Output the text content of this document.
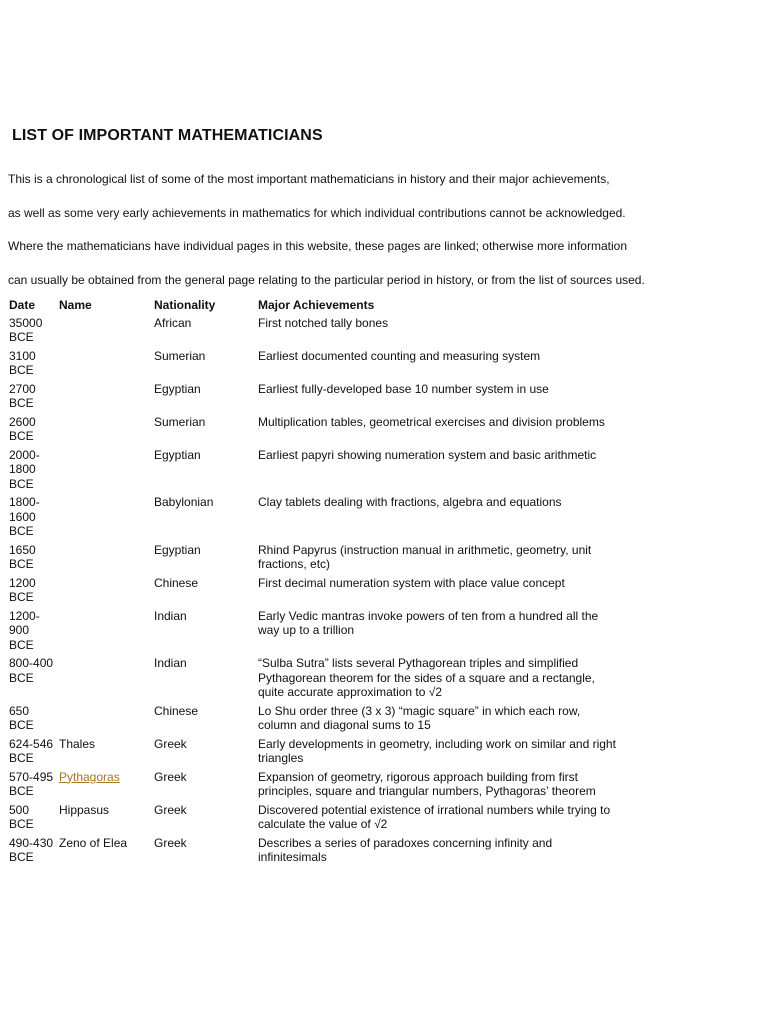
LIST OF IMPORTANT MATHEMATICIANS

This is a chronological list of some of the most important mathematicians in history and their major achievements,

as well as some very early achievements in mathematics for which individual contributions cannot be acknowledged.

Where the mathematicians have individual pages in this website, these pages are linked; otherwise more information

can usually be obtained from the general page relating to the particular period in history, or from the list of sources used.

Date	Name	Nationality	Major Achievements
35000 BCE		African	First notched tally bones
3100 BCE		Sumerian	Earliest documented counting and measuring system
2700 BCE		Egyptian	Earliest fully-developed base 10 number system in use
2600 BCE		Sumerian	Multiplication tables, geometrical exercises and division problems
2000-1800 BCE		Egyptian	Earliest papyri showing numeration system and basic arithmetic
1800-1600 BCE		Babylonian	Clay tablets dealing with fractions, algebra and equations
1650 BCE		Egyptian	Rhind Papyrus (instruction manual in arithmetic, geometry, unit fractions, etc)
1200 BCE		Chinese	First decimal numeration system with place value concept
1200-900 BCE		Indian	Early Vedic mantras invoke powers of ten from a hundred all the way up to a trillion
800-400 BCE		Indian	“Sulba Sutra” lists several Pythagorean triples and simplified Pythagorean theorem for the sides of a square and a rectangle, quite accurate approximation to √2
650 BCE		Chinese	Lo Shu order three (3 x 3) “magic square” in which each row, column and diagonal sums to 15
624-546 BCE	Thales	Greek	Early developments in geometry, including work on similar and right triangles
570-495 BCE	Pythagoras	Greek	Expansion of geometry, rigorous approach building from first principles, square and triangular numbers, Pythagoras’ theorem
500 BCE	Hippasus	Greek	Discovered potential existence of irrational numbers while trying to calculate the value of √2
490-430 BCE	Zeno of Elea	Greek	Describes a series of paradoxes concerning infinity and infinitesimals
